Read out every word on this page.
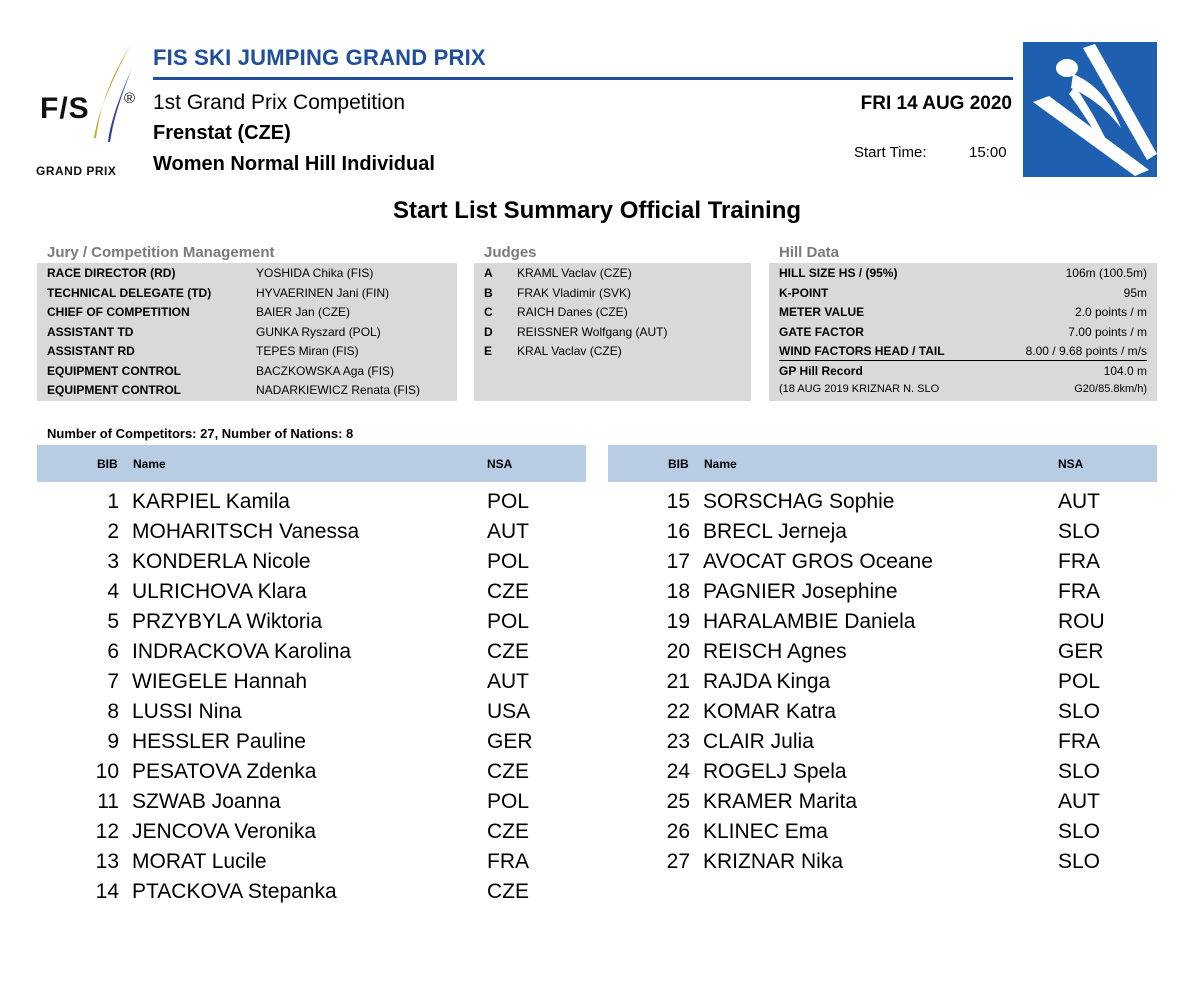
F/S ®
GRAND PRIX
FIS SKI JUMPING GRAND PRIX
1st Grand Prix Competition
Frenstat (CZE)
Women Normal Hill Individual
FRI 14 AUG 2020
Start Time:	15:00
Start List Summary Official Training
Jury / Competition Management
RACE DIRECTOR (RD)	YOSHIDA Chika (FIS)
TECHNICAL DELEGATE (TD)	HYVAERINEN Jani (FIN)
CHIEF OF COMPETITION	BAIER Jan (CZE)
ASSISTANT TD	GUNKA Ryszard (POL)
ASSISTANT RD	TEPES Miran (FIS)
EQUIPMENT CONTROL	BACZKOWSKA Aga (FIS)
EQUIPMENT CONTROL	NADARKIEWICZ Renata (FIS)
Judges
A KRAML Vaclav (CZE)
B FRAK Vladimir (SVK)
C RAICH Danes (CZE)
D REISSNER Wolfgang (AUT)
E KRAL Vaclav (CZE)
Hill Data
HILL SIZE HS / (95%)	106m (100.5m)
K-POINT	95m
METER VALUE	2.0 points / m
GATE FACTOR	7.00 points / m
WIND FACTORS HEAD / TAIL	8.00 / 9.68 points / m/s
GP Hill Record	104.0 m
(18 AUG 2019 KRIZNAR N. SLO	G20/85.8km/h)
Number of Competitors: 27, Number of Nations: 8
BIB Name	NSA	BIB Name	NSA
1 KARPIEL Kamila	POL
2 MOHARITSCH Vanessa	AUT
3 KONDERLA Nicole	POL
4 ULRICHOVA Klara	CZE
5 PRZYBYLA Wiktoria	POL
6 INDRACKOVA Karolina	CZE
7 WIEGELE Hannah	AUT
8 LUSSI Nina	USA
9 HESSLER Pauline	GER
10 PESATOVA Zdenka	CZE
11 SZWAB Joanna	POL
12 JENCOVA Veronika	CZE
13 MORAT Lucile	FRA
14 PTACKOVA Stepanka	CZE
15 SORSCHAG Sophie	AUT
16 BRECL Jerneja	SLO
17 AVOCAT GROS Oceane	FRA
18 PAGNIER Josephine	FRA
19 HARALAMBIE Daniela	ROU
20 REISCH Agnes	GER
21 RAJDA Kinga	POL
22 KOMAR Katra	SLO
23 CLAIR Julia	FRA
24 ROGELJ Spela	SLO
25 KRAMER Marita	AUT
26 KLINEC Ema	SLO
27 KRIZNAR Nika	SLO
